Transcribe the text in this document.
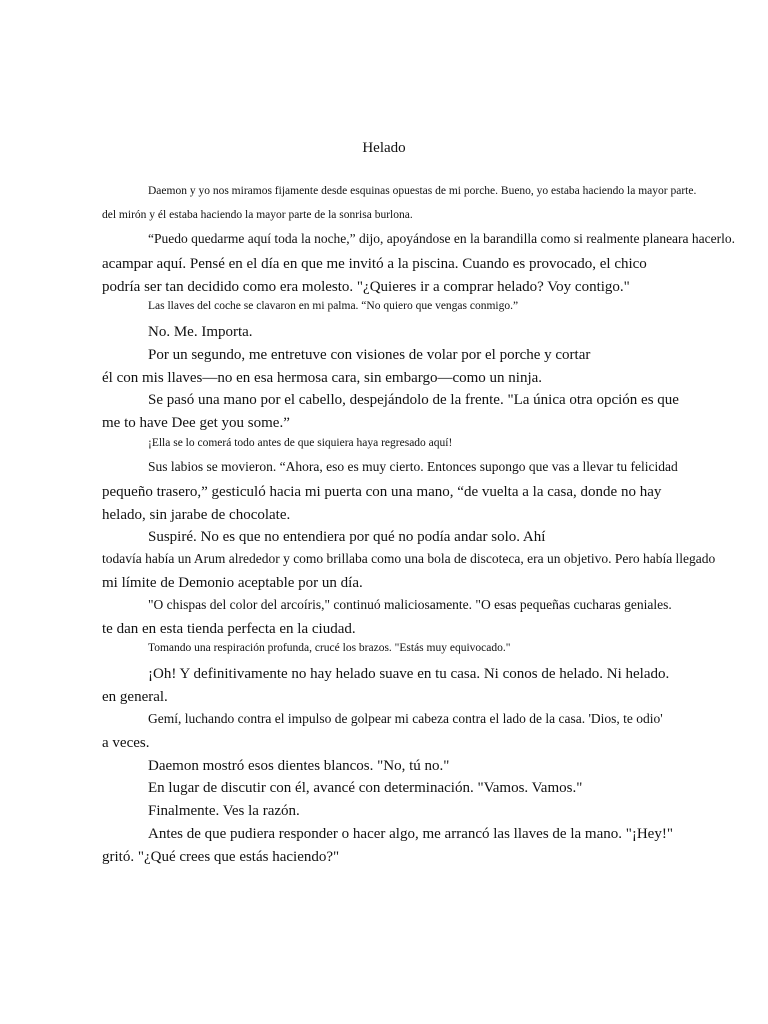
Helado
Daemon y yo nos miramos fijamente desde esquinas opuestas de mi porche. Bueno, yo estaba haciendo la mayor parte.
del mirón y él estaba haciendo la mayor parte de la sonrisa burlona.
“Puedo quedarme aquí toda la noche,” dijo, apoyándose en la barandilla como si realmente planeara hacerlo.
acampar aquí. Pensé en el día en que me invitó a la piscina. Cuando es provocado, el chico
podría ser tan decidido como era molesto. "¿Quieres ir a comprar helado? Voy contigo."
Las llaves del coche se clavaron en mi palma. “No quiero que vengas conmigo.”
No. Me. Importa.
Por un segundo, me entretuve con visiones de volar por el porche y cortar
él con mis llaves—no en esa hermosa cara, sin embargo—como un ninja.
Se pasó una mano por el cabello, despejándolo de la frente. "La única otra opción es que
me to have Dee get you some.”
¡Ella se lo comerá todo antes de que siquiera haya regresado aquí!
Sus labios se movieron. “Ahora, eso es muy cierto. Entonces supongo que vas a llevar tu felicidad
pequeño trasero,” gesticuló hacia mi puerta con una mano, “de vuelta a la casa, donde no hay
helado, sin jarabe de chocolate.
Suspiré. No es que no entendiera por qué no podía andar solo. Ahí
todavía había un Arum alrededor y como brillaba como una bola de discoteca, era un objetivo. Pero había llegado
mi límite de Demonio aceptable por un día.
"O chispas del color del arcoíris," continuó maliciosamente. "O esas pequeñas cucharas geniales.
te dan en esta tienda perfecta en la ciudad.
Tomando una respiración profunda, crucé los brazos. "Estás muy equivocado."
¡Oh! Y definitivamente no hay helado suave en tu casa. Ni conos de helado. Ni helado.
en general.
Gemí, luchando contra el impulso de golpear mi cabeza contra el lado de la casa. 'Dios, te odio'
a veces.
Daemon mostró esos dientes blancos. "No, tú no."
En lugar de discutir con él, avancé con determinación. "Vamos. Vamos."
Finalmente. Ves la razón.
Antes de que pudiera responder o hacer algo, me arrancó las llaves de la mano. "¡Hey!"
gritó. "¿Qué crees que estás haciendo?"
